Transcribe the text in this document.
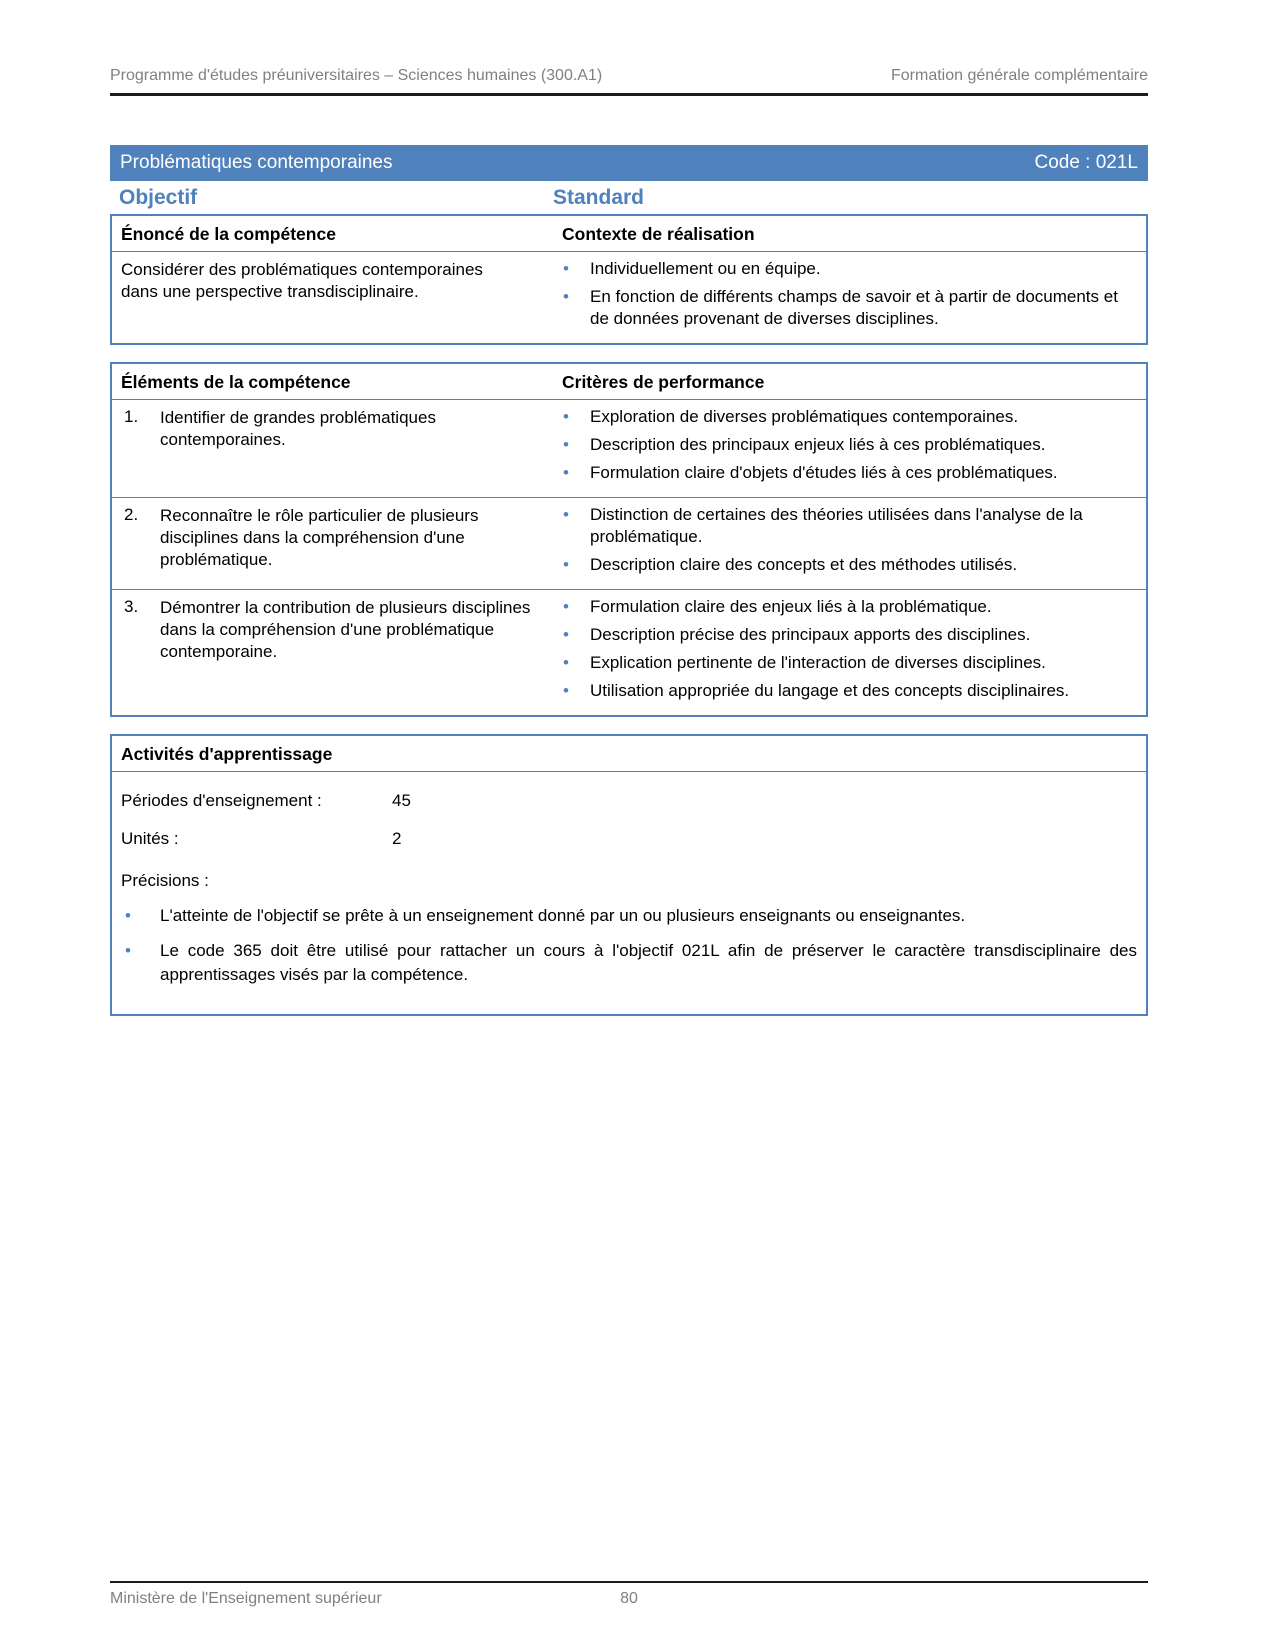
Programme d'études préuniversitaires – Sciences humaines (300.A1)	Formation générale complémentaire
Problématiques contemporaines	Code : 021L
Objectif	Standard
Énoncé de la compétence	Contexte de réalisation

Considérer des problématiques contemporaines dans une perspective transdisciplinaire.

•	Individuellement ou en équipe.
•	En fonction de différents champs de savoir et à partir de documents et de données provenant de diverses disciplines.
Éléments de la compétence	Critères de performance
1.	Identifier de grandes problématiques contemporaines.

•	Exploration de diverses problématiques contemporaines.
•	Description des principaux enjeux liés à ces problématiques.
•	Formulation claire d'objets d'études liés à ces problématiques.
2.	Reconnaître le rôle particulier de plusieurs disciplines dans la compréhension d'une problématique.

•	Distinction de certaines des théories utilisées dans l'analyse de la problématique.
•	Description claire des concepts et des méthodes utilisés.
3.	Démontrer la contribution de plusieurs disciplines dans la compréhension d'une problématique contemporaine.

•	Formulation claire des enjeux liés à la problématique.
•	Description précise des principaux apports des disciplines.
•	Explication pertinente de l'interaction de diverses disciplines.
•	Utilisation appropriée du langage et des concepts disciplinaires.
Activités d'apprentissage
Périodes d'enseignement :	45
Unités :	2

Précisions :

•	L'atteinte de l'objectif se prête à un enseignement donné par un ou plusieurs enseignants ou enseignantes.
•	Le code 365 doit être utilisé pour rattacher un cours à l'objectif 021L afin de préserver le caractère transdisciplinaire des apprentissages visés par la compétence.
Ministère de l'Enseignement supérieur	80
